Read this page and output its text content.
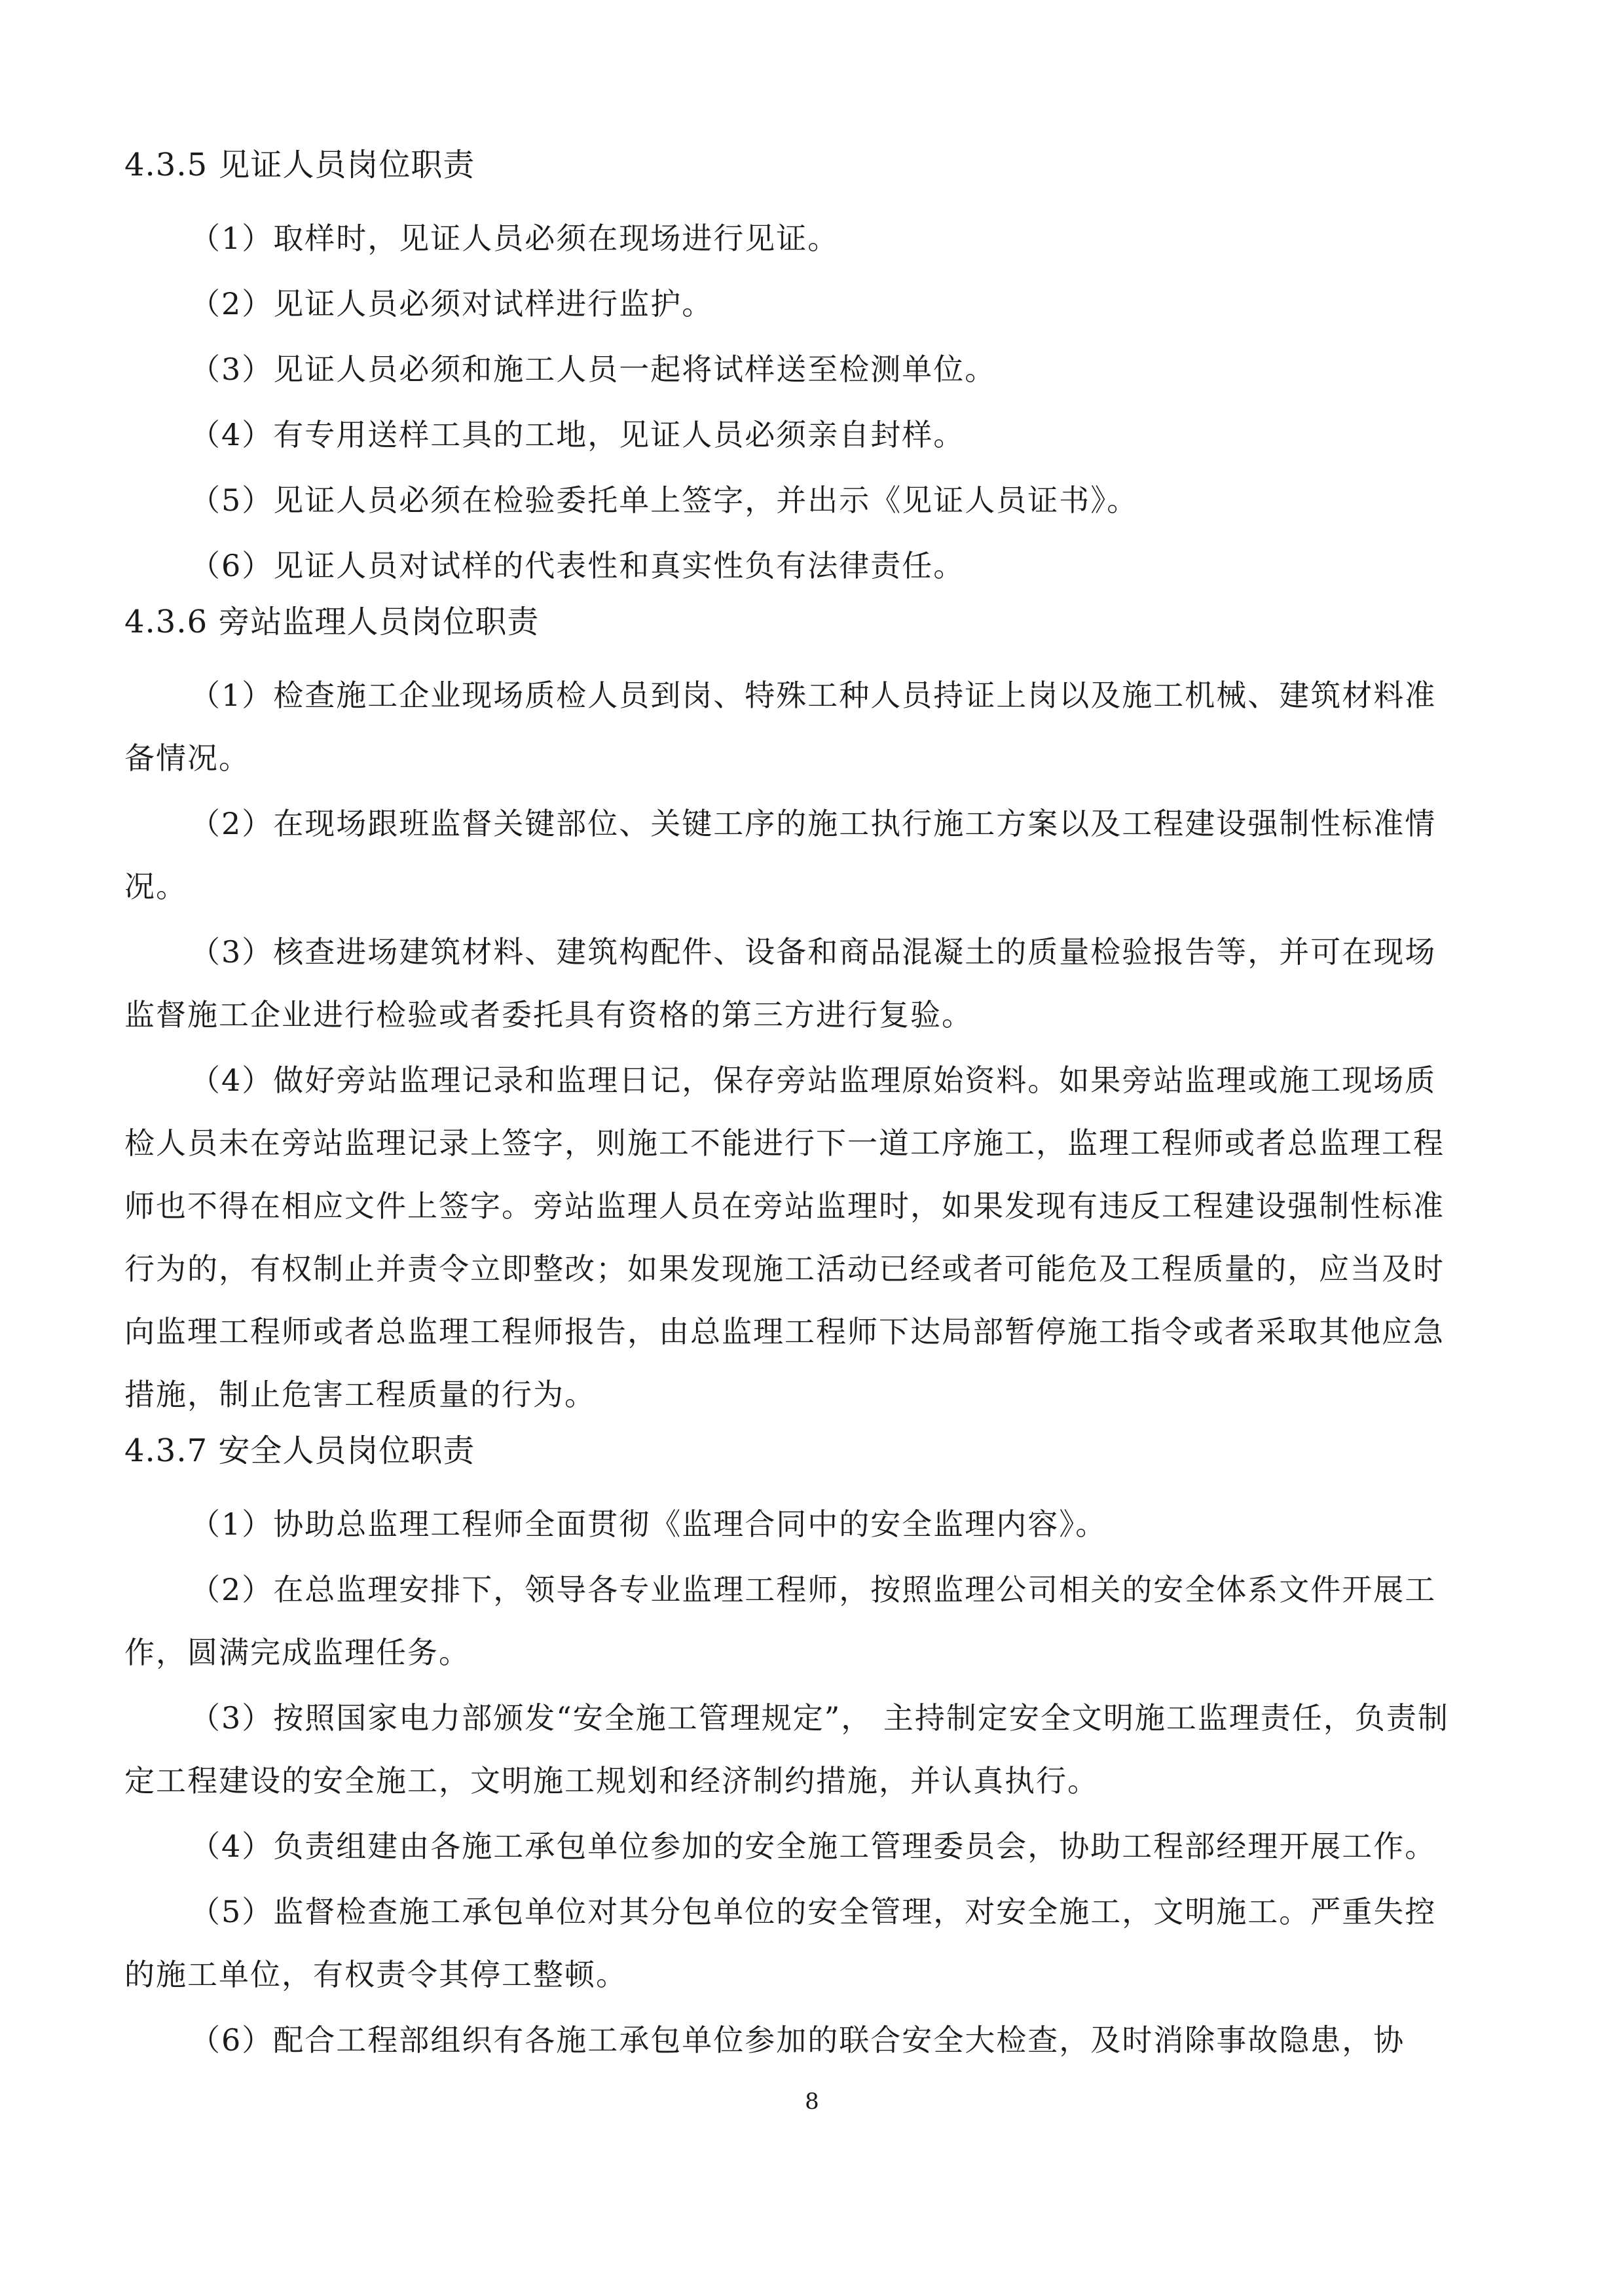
4.3.5 见证人员岗位职责

（1）取样时，见证人员必须在现场进行见证。

（2）见证人员必须对试样进行监护。

（3）见证人员必须和施工人员一起将试样送至检测单位。

（4）有专用送样工具的工地，见证人员必须亲自封样。

（5）见证人员必须在检验委托单上签字，并出示《见证人员证书》。

（6）见证人员对试样的代表性和真实性负有法律责任。

4.3.6 旁站监理人员岗位职责

（1）检查施工企业现场质检人员到岗、特殊工种人员持证上岗以及施工机械、建筑材料准备情况。

（2）在现场跟班监督关键部位、关键工序的施工执行施工方案以及工程建设强制性标准情况。

（3）核查进场建筑材料、建筑构配件、设备和商品混凝土的质量检验报告等，并可在现场监督施工企业进行检验或者委托具有资格的第三方进行复验。

（4）做好旁站监理记录和监理日记，保存旁站监理原始资料。如果旁站监理或施工现场质检人员未在旁站监理记录上签字，则施工不能进行下一道工序施工，监理工程师或者总监理工程师也不得在相应文件上签字。旁站监理人员在旁站监理时，如果发现有违反工程建设强制性标准行为的，有权制止并责令立即整改；如果发现施工活动已经或者可能危及工程质量的，应当及时向监理工程师或者总监理工程师报告，由总监理工程师下达局部暂停施工指令或者采取其他应急措施，制止危害工程质量的行为。

4.3.7 安全人员岗位职责

（1）协助总监理工程师全面贯彻《监理合同中的安全监理内容》。

（2）在总监理安排下，领导各专业监理工程师，按照监理公司相关的安全体系文件开展工作，圆满完成监理任务。

（3）按照国家电力部颁发“安全施工管理规定”， 主持制定安全文明施工监理责任，负责制定工程建设的安全施工，文明施工规划和经济制约措施，并认真执行。

（4）负责组建由各施工承包单位参加的安全施工管理委员会，协助工程部经理开展工作。

（5）监督检查施工承包单位对其分包单位的安全管理，对安全施工，文明施工。严重失控的施工单位，有权责令其停工整顿。

（6）配合工程部组织有各施工承包单位参加的联合安全大检查，及时消除事故隐患，协

8
